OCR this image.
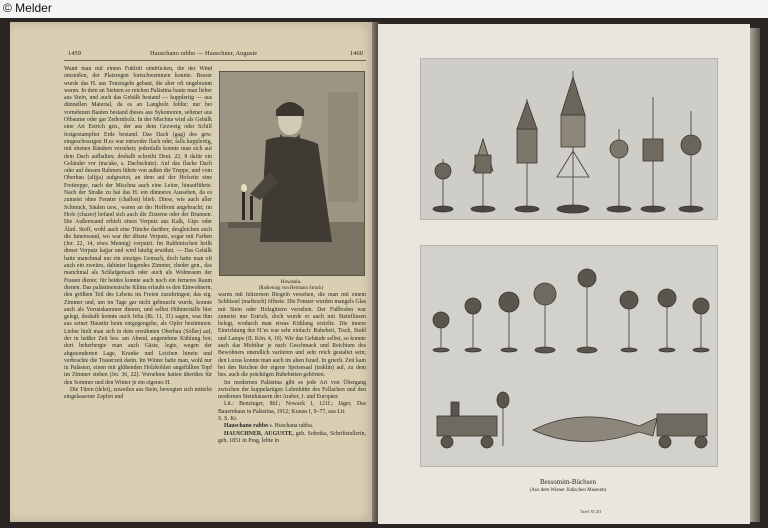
© Melder
1459	Hauschano rabbo — Hauschner, Auguste	1460

Wand man mit einem Fußtritt eindrücken, die der Wind umstoßen, der Platzregen fortschwemmen konnte. Besser wurde das H. aus Tonziegeln gebaut, die aber oft ungebrannt waren. In dem an Steinen so reichen Palästina baute man lieber aus Stein, und auch das Gebälk bestand — kupplertig — aus dünnellen Material, da es an Langholz fehlte; nur bei vornehmen Bauten bestand dieses aus Sykomoren, seltener aus Olbaume oder gar Zedernholz. In der Mischna wird als Gebälk eine Art Estrich gen., der aus dem Gezweig oder Schilf festgestampfter Erde bestand. Das Dach (gag) des gew. eingeschossigen H.es war entweder flach oder, falls kupplertig, mit ebenen Rändern versehen; jedenfalls konnte man sich auf dem Dach aufhalten; deshalb schreibt Deut. 22, 8 dafür ein Geländer vor (ma'ake, s. Dachschutz). Auf das flache Dach oder auf dessen Rahmen führte von außen die Treppe, und vom Oberbau (alijja) aufgesetzt, an dem auf der Hofseite eine Freitreppe, nach der Mischna auch eine Leiter, hinaufführte. Nach der Straße zu hat das H. ein dünneres Aussehen, da es zumeist ohne Fenster (challon) blieb. Diese, wie auch aller Schmuck, Säulen usw., waren an der Hoffront angebracht; im Hofe (chazer) befand sich auch die Zisterne oder der Brunnen. Die Außenwand erhielt einen Verputz aus Kalk, Gips oder Ähnl. Stoff, wohl auch eine Tünche darüber, desgleichen auch die Innenwand, wo war der älteste Verputz, sogar mit Farben (Jer. 22, 14, etwa Mennig) verputzt. Im Rabbinischen heißt dieser Verputz kajjar und wird häufig erwähnt. — Das Gebälk hatte manchmal nur ein einziges Gemach, doch hatte man oft auch ein zweites, dahinter liegendes Zimmer, cheder gen., das manchmal als Schlafgemach oder auch als Wohnraum der Frauen diente; für beides konnte auch noch ein ferneres Raum dienen. Das palästinensische Klima erlaubt es den Einwohnern, den größten Teil des Lebens im Freien zuzubringen; das eig. Zimmer und, um im Tage gar nicht gebraucht wurde, konnte auch als Vorratskammer dienen, und selbst Hühnerställe hier gelegt, deshalb konnte auch Jefta (Ri. 11, 31) sagen, was ihm aus seiner Haustür beim entgegengehe, als Opfer bestimmen. Lieber hielt man sich in dem erwähnten Oberbau (Söller) auf, der in heißer Zeit bes. am Abend, angenehme Kühlung bot; dort beherbergte man auch Gäste, legte, wegen der abgesonderten Lage, Kranke und Leichen hinein und verbrachte die Trauerzeit darin. Im Winter hatte man, wohl nur in Palästen, einen mit glühenden Holzkohlen angefüllten Topf im Zimmer stehen (Jer. 36, 22). Vornehme hatten überdies für den Sommer und den Winter je ein eigenes H.

Die Türen (delet), zuweilen aus Stein, bewegten sich mittelst eingelassener Zapfen und

Hawdala.
(Radierung von Hermann Struck)

waren mit hölzernen Riegeln versehen, die man mit einem Schlüssel (maftesch) öffnete. Die Fenster wurden mangels Glas mit Stein oder Holzgittern versehen. Der Fußboden war zumeist nur Estrich, doch wurde er auch mit Steinfliesen belegt, wodurch man etwas Kühlung erzielte. Die innere Einrichtung des H.'es war sehr einfach: Ruhebett, Tisch, Stuhl und Lampe (II. Kön. 4, 10). Wie das Gebäude selbst, so konnte auch das Mobiliar je nach Geschmack und Reichtum des Bewohners unendlich variieren und sehr reich gestaltet sein; den Luxus konnte man auch im alten Israel. In griech. Zeit kam bei den Reichen der eigene Speisesaal (traklin) auf, zu dem bes. auch die prächtigen Ruhebetten gehörten.

Im modernen Palästina gibt es jede Art von Übergang zwischen der kuppelartigen Lehmhütte des Fellachen und den modernen Steinhäusern der Araber, J. und Europäer.

Lit.: Benzinger, 86f.; Nowack I, 121f.; Jäger, Das Bauernhaus in Palästina, 1912; Krauss I, 9–77, aus Lit.

S. S. Kr.

Hauschano rabbo s. Hoschana rabba.

HAUSCHNER, AUGUSTE, geb. Sobotka, Schriftstellerin, geb. 1851 in Prag, lebte in

Bessomim-Büchsen
(Aus dem Wiener Jüdischen Museum)
Tafel XCIII
